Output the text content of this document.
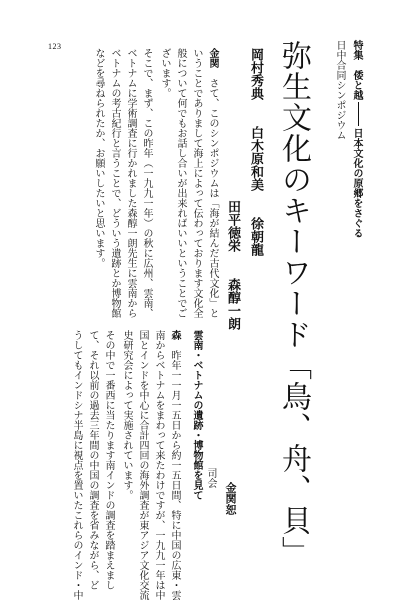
123	特集　倭と越日本文化の原郷をさぐる
日中合同シンポジウム
弥生文化のキーワード「鳥、舟、貝」
岡村秀典　　白木原和美　　徐朝龍
田平徳栄　　森醇一朗
司会
金関恕
金関　さて、このシンポジウムは「海が結んだ古代文化」と
いうことでありまして海上によって伝わっております文化全
般について何でもお話し合いが出来ればいいということでご
ざいます。
そこで、まず、この昨年（一九九一年）の秋に広州、雲南、
ベトナムに学術調査に行かれました森醇一朗先生に雲南から
ベトナムの考古紀行と言うことで、どういう遺跡とか博物館
などを尋ねられたか、お願いしたいと思います。
雲南・ベトナムの遺跡・博物館を見て
森　昨年一一月一五日から約一五日間、特に中国の広東・雲
南からベトナムをまわって来たわけですが、一九九一年は中
国とインドを中心に合計四回の海外調査が東アジア文化交流
史研究会によって実施されています。
その中で一番西に当たります南インドの調査を踏まえまし
て、それ以前の過去三年間の中国の調査を省みながら、ど
うしてもインドシナ半島に視点を置いたこれらのインド・中
